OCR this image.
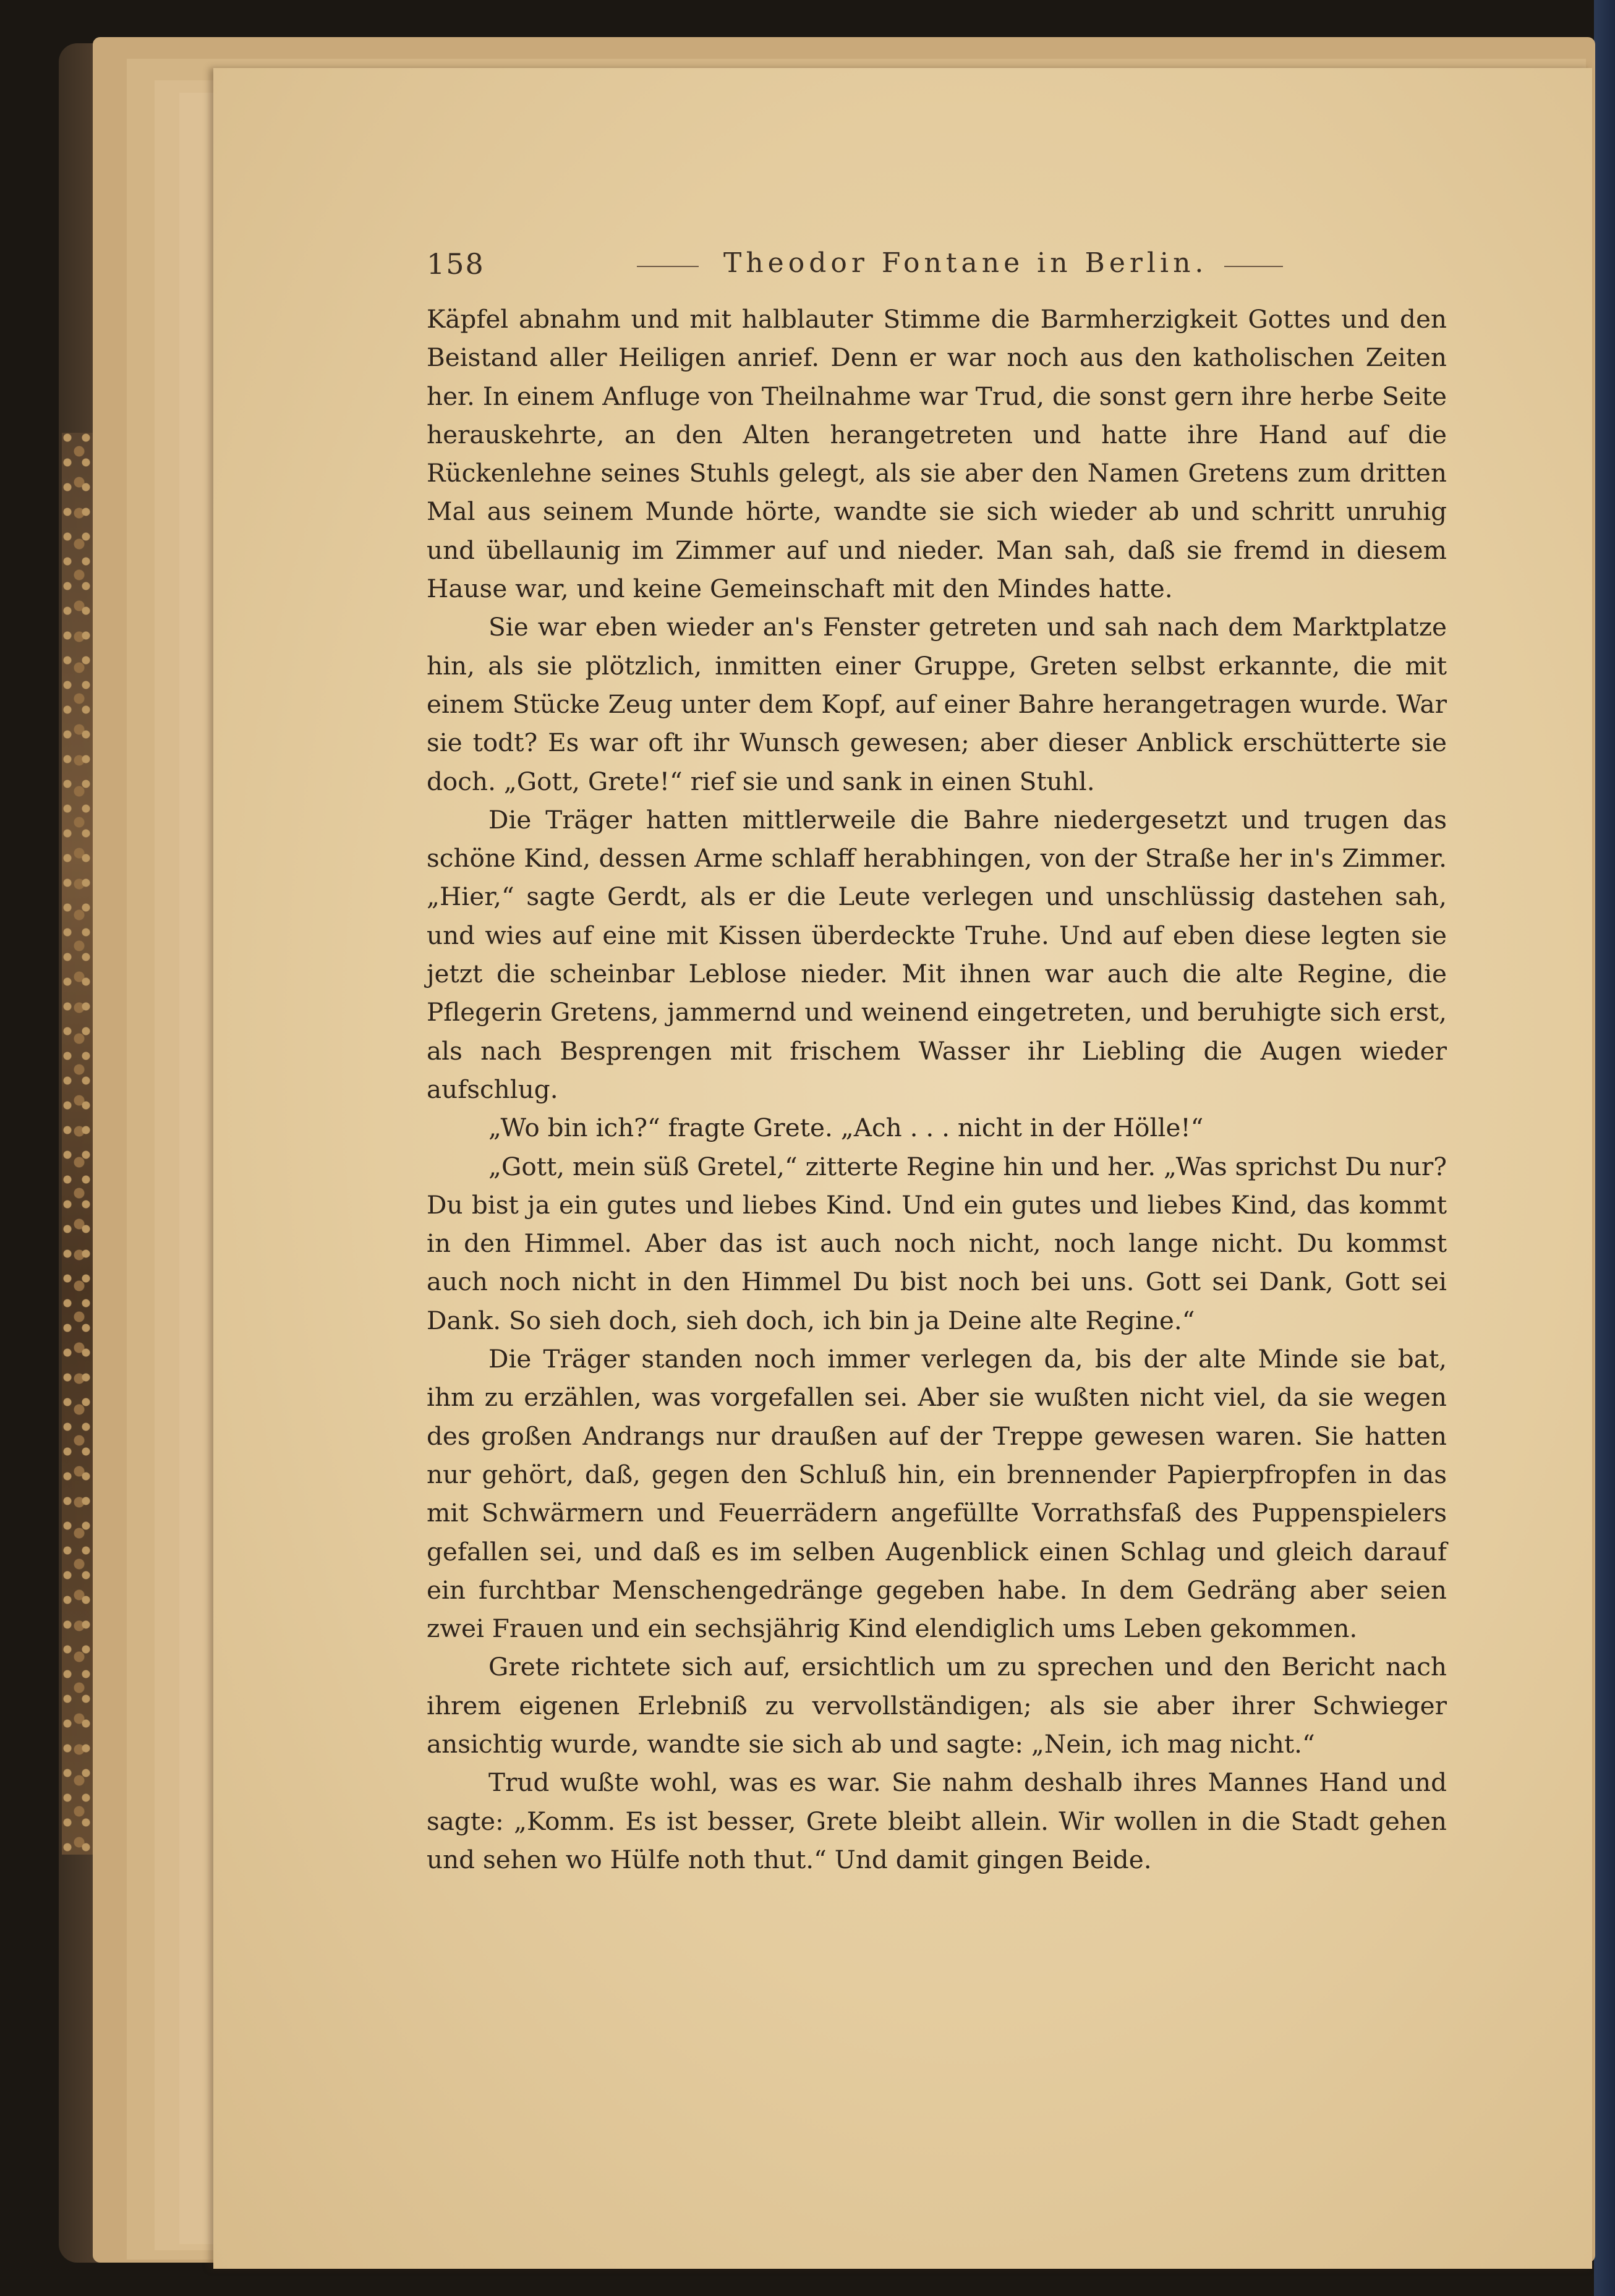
158	Theodor Fontane in Berlin.

Käpfel abnahm und mit halblauter Stimme die Barmherzigkeit Gottes und den Beistand aller Heiligen anrief. Denn er war noch aus den katholischen Zeiten her. In einem Anfluge von Theilnahme war Trud, die sonst gern ihre herbe Seite herauskehrte, an den Alten herangetreten und hatte ihre Hand auf die Rückenlehne seines Stuhls gelegt, als sie aber den Namen Gretens zum dritten Mal aus seinem Munde hörte, wandte sie sich wieder ab und schritt unruhig und übellaunig im Zimmer auf und nieder. Man sah, daß sie fremd in diesem Hause war, und keine Gemeinschaft mit den Mindes hatte.

Sie war eben wieder an's Fenster getreten und sah nach dem Marktplatze hin, als sie plötzlich, inmitten einer Gruppe, Greten selbst erkannte, die mit einem Stücke Zeug unter dem Kopf, auf einer Bahre herangetragen wurde. War sie todt? Es war oft ihr Wunsch gewesen; aber dieser Anblick erschütterte sie doch. „Gott, Grete!“ rief sie und sank in einen Stuhl.

Die Träger hatten mittlerweile die Bahre niedergesetzt und trugen das schöne Kind, dessen Arme schlaff herabhingen, von der Straße her in's Zimmer. „Hier,“ sagte Gerdt, als er die Leute verlegen und unschlüssig dastehen sah, und wies auf eine mit Kissen überdeckte Truhe. Und auf eben diese legten sie jetzt die scheinbar Leblose nieder. Mit ihnen war auch die alte Regine, die Pflegerin Gretens, jammernd und weinend eingetreten, und beruhigte sich erst, als nach Besprengen mit frischem Wasser ihr Liebling die Augen wieder aufschlug.

„Wo bin ich?“ fragte Grete. „Ach . . . nicht in der Hölle!“

„Gott, mein süß Gretel,“ zitterte Regine hin und her. „Was sprichst Du nur? Du bist ja ein gutes und liebes Kind. Und ein gutes und liebes Kind, das kommt in den Himmel. Aber das ist auch noch nicht, noch lange nicht. Du kommst auch noch nicht in den Himmel Du bist noch bei uns. Gott sei Dank, Gott sei Dank. So sieh doch, sieh doch, ich bin ja Deine alte Regine.“

Die Träger standen noch immer verlegen da, bis der alte Minde sie bat, ihm zu erzählen, was vorgefallen sei. Aber sie wußten nicht viel, da sie wegen des großen Andrangs nur draußen auf der Treppe gewesen waren. Sie hatten nur gehört, daß, gegen den Schluß hin, ein brennender Papierpfropfen in das mit Schwärmern und Feuerrädern angefüllte Vorrathsfaß des Puppenspielers gefallen sei, und daß es im selben Augenblick einen Schlag und gleich darauf ein furchtbar Menschengedränge gegeben habe. In dem Gedräng aber seien zwei Frauen und ein sechsjährig Kind elendiglich ums Leben gekommen.

Grete richtete sich auf, ersichtlich um zu sprechen und den Bericht nach ihrem eigenen Erlebniß zu vervollständigen; als sie aber ihrer Schwieger ansichtig wurde, wandte sie sich ab und sagte: „Nein, ich mag nicht.“

Trud wußte wohl, was es war. Sie nahm deshalb ihres Mannes Hand und sagte: „Komm. Es ist besser, Grete bleibt allein. Wir wollen in die Stadt gehen und sehen wo Hülfe noth thut.“ Und damit gingen Beide.
